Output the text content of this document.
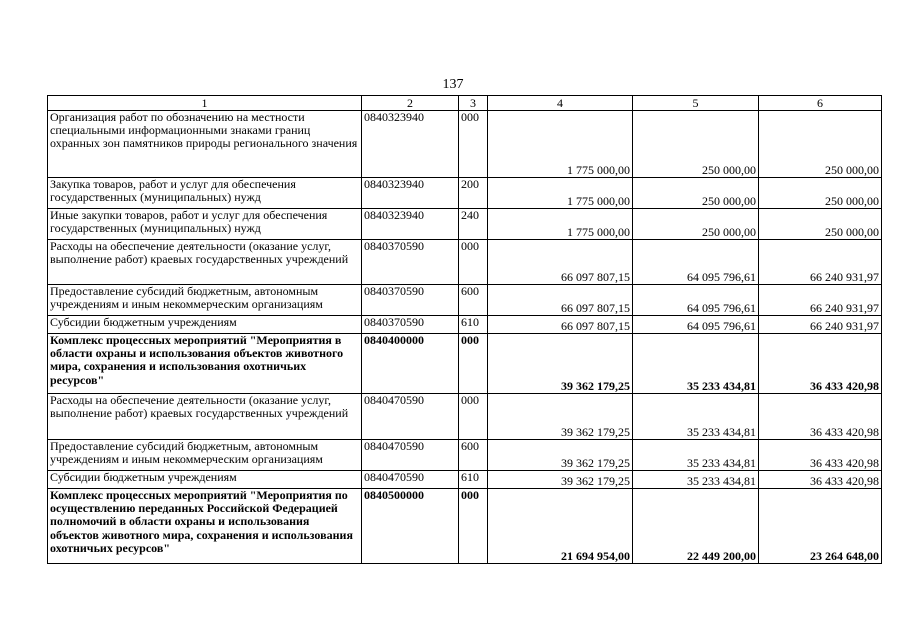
137
1	2	3	4	5	6
Организация работ по обозначению на местности специальными информационными знаками границ охранных зон памятников природы регионального значения	0840323940	000	1 775 000,00	250 000,00	250 000,00
Закупка товаров, работ и услуг для обеспечения государственных (муниципальных) нужд	0840323940	200	1 775 000,00	250 000,00	250 000,00
Иные закупки товаров, работ и услуг для обеспечения государственных (муниципальных) нужд	0840323940	240	1 775 000,00	250 000,00	250 000,00
Расходы на обеспечение деятельности (оказание услуг, выполнение работ) краевых государственных учреждений	0840370590	000	66 097 807,15	64 095 796,61	66 240 931,97
Предоставление субсидий бюджетным, автономным учреждениям и иным некоммерческим организациям	0840370590	600	66 097 807,15	64 095 796,61	66 240 931,97
Субсидии бюджетным учреждениям	0840370590	610	66 097 807,15	64 095 796,61	66 240 931,97
Комплекс процессных мероприятий "Мероприятия в области охраны и использования объектов животного мира, сохранения и использования охотничьих ресурсов"	0840400000	000	39 362 179,25	35 233 434,81	36 433 420,98
Расходы на обеспечение деятельности (оказание услуг, выполнение работ) краевых государственных учреждений	0840470590	000	39 362 179,25	35 233 434,81	36 433 420,98
Предоставление субсидий бюджетным, автономным учреждениям и иным некоммерческим организациям	0840470590	600	39 362 179,25	35 233 434,81	36 433 420,98
Субсидии бюджетным учреждениям	0840470590	610	39 362 179,25	35 233 434,81	36 433 420,98
Комплекс процессных мероприятий "Мероприятия по осуществлению переданных Российской Федерацией полномочий в области охраны и использования объектов животного мира, сохранения и использования охотничьих ресурсов"	0840500000	000	21 694 954,00	22 449 200,00	23 264 648,00
